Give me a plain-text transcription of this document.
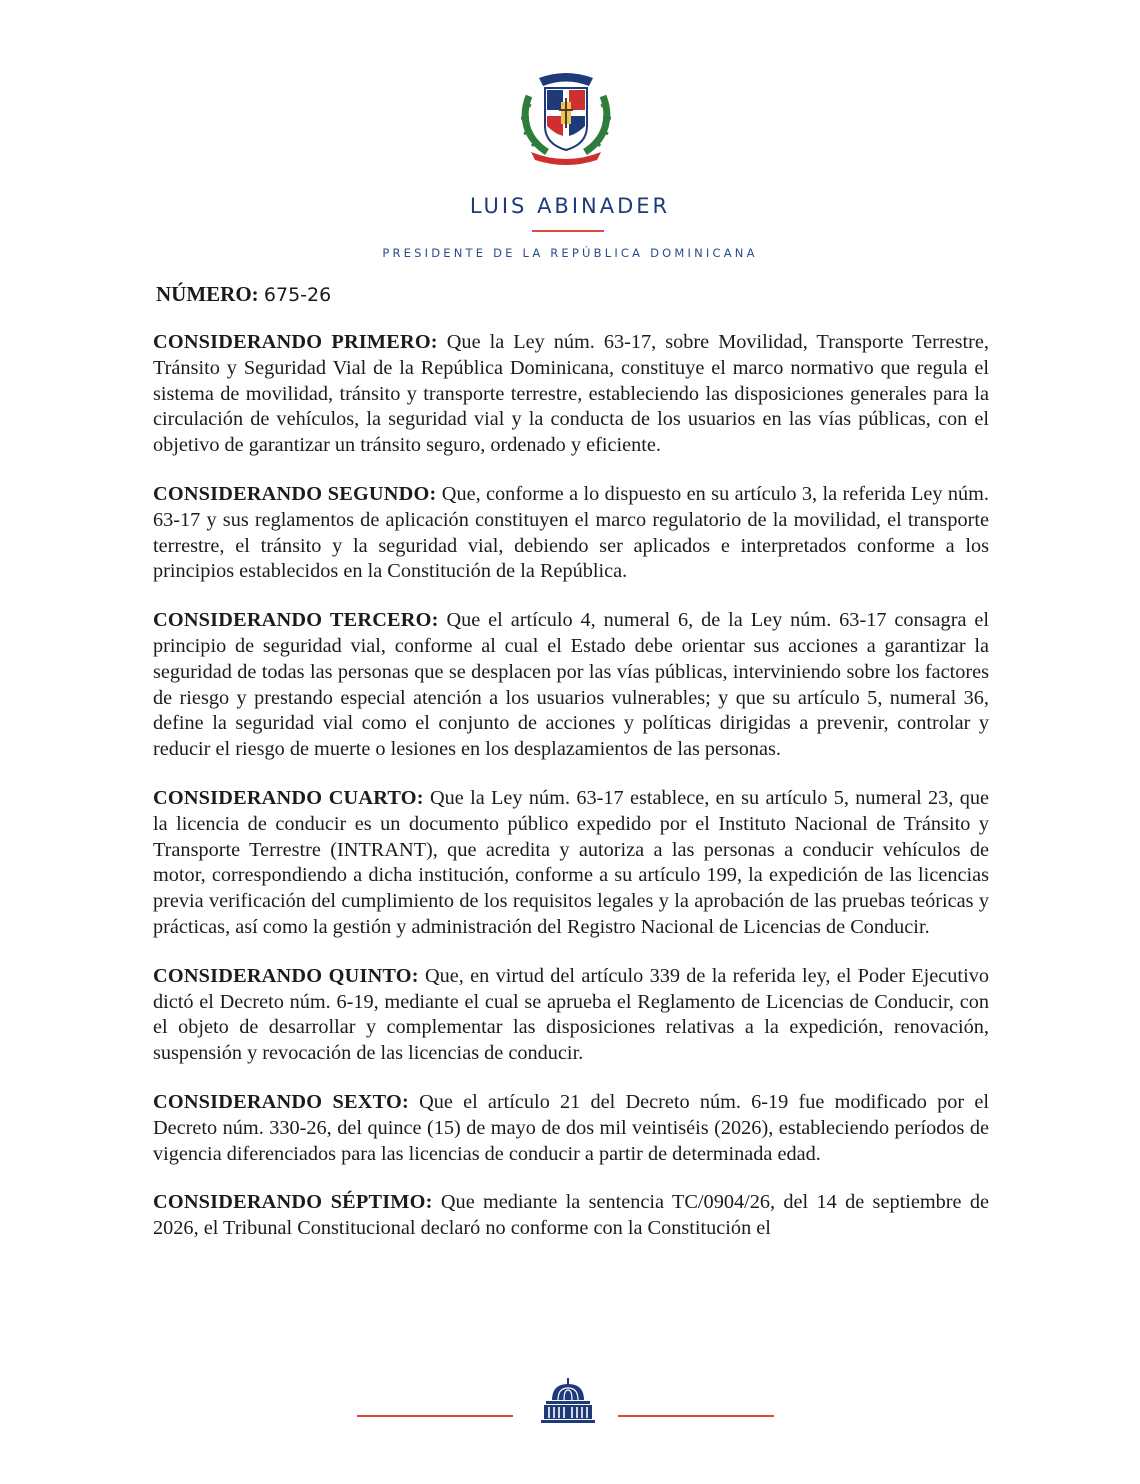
LUIS ABINADER
PRESIDENTE DE LA REPÚBLICA DOMINICANA
NÚMERO: 675-26

CONSIDERANDO PRIMERO: Que la Ley núm. 63-17, sobre Movilidad, Transporte Terrestre, Tránsito y Seguridad Vial de la República Dominicana, constituye el marco normativo que regula el sistema de movilidad, tránsito y transporte terrestre, estableciendo las disposiciones generales para la circulación de vehículos, la seguridad vial y la conducta de los usuarios en las vías públicas, con el objetivo de garantizar un tránsito seguro, ordenado y eficiente.

CONSIDERANDO SEGUNDO: Que, conforme a lo dispuesto en su artículo 3, la referida Ley núm. 63-17 y sus reglamentos de aplicación constituyen el marco regulatorio de la movilidad, el transporte terrestre, el tránsito y la seguridad vial, debiendo ser aplicados e interpretados conforme a los principios establecidos en la Constitución de la República.

CONSIDERANDO TERCERO: Que el artículo 4, numeral 6, de la Ley núm. 63-17 consagra el principio de seguridad vial, conforme al cual el Estado debe orientar sus acciones a garantizar la seguridad de todas las personas que se desplacen por las vías públicas, interviniendo sobre los factores de riesgo y prestando especial atención a los usuarios vulnerables; y que su artículo 5, numeral 36, define la seguridad vial como el conjunto de acciones y políticas dirigidas a prevenir, controlar y reducir el riesgo de muerte o lesiones en los desplazamientos de las personas.

CONSIDERANDO CUARTO: Que la Ley núm. 63-17 establece, en su artículo 5, numeral 23, que la licencia de conducir es un documento público expedido por el Instituto Nacional de Tránsito y Transporte Terrestre (INTRANT), que acredita y autoriza a las personas a conducir vehículos de motor, correspondiendo a dicha institución, conforme a su artículo 199, la expedición de las licencias previa verificación del cumplimiento de los requisitos legales y la aprobación de las pruebas teóricas y prácticas, así como la gestión y administración del Registro Nacional de Licencias de Conducir.

CONSIDERANDO QUINTO: Que, en virtud del artículo 339 de la referida ley, el Poder Ejecutivo dictó el Decreto núm. 6-19, mediante el cual se aprueba el Reglamento de Licencias de Conducir, con el objeto de desarrollar y complementar las disposiciones relativas a la expedición, renovación, suspensión y revocación de las licencias de conducir.

CONSIDERANDO SEXTO: Que el artículo 21 del Decreto núm. 6-19 fue modificado por el Decreto núm. 330-26, del quince (15) de mayo de dos mil veintiséis (2026), estableciendo períodos de vigencia diferenciados para las licencias de conducir a partir de determinada edad.

CONSIDERANDO SÉPTIMO: Que mediante la sentencia TC/0904/26, del 14 de septiembre de 2026, el Tribunal Constitucional declaró no conforme con la Constitución el
